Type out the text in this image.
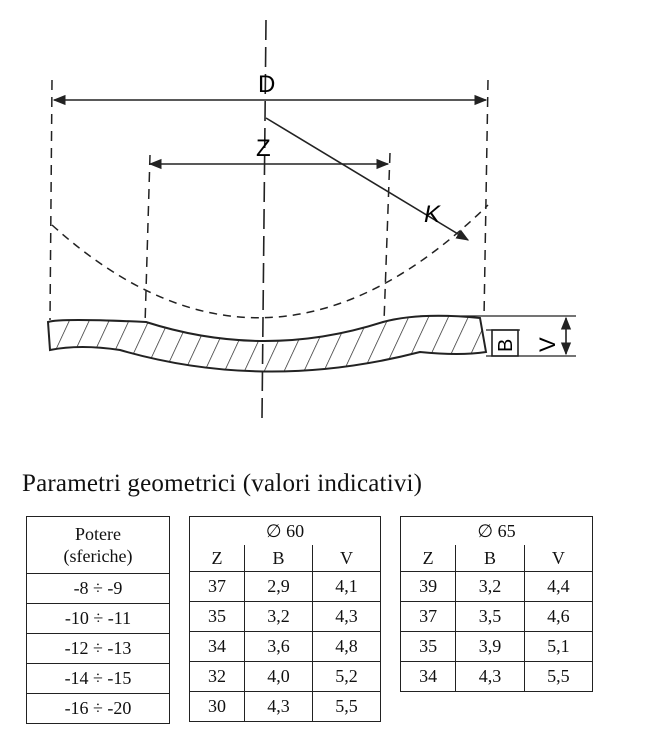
D
Z
K
B V
Parametri geometrici (valori indicativi)
Potere
(sferiche)
-8 ÷ -9
-10 ÷ -11
-12 ÷ -13
-14 ÷ -15
-16 ÷ -20
∅ 60		
Z	B	V
37	2,9	4,1
35	3,2	4,3
34	3,6	4,8
32	4,0	5,2
30	4,3	5,5
∅ 65		
Z	B	V
39	3,2	4,4
37	3,5	4,6
35	3,9	5,1
34	4,3	5,5
